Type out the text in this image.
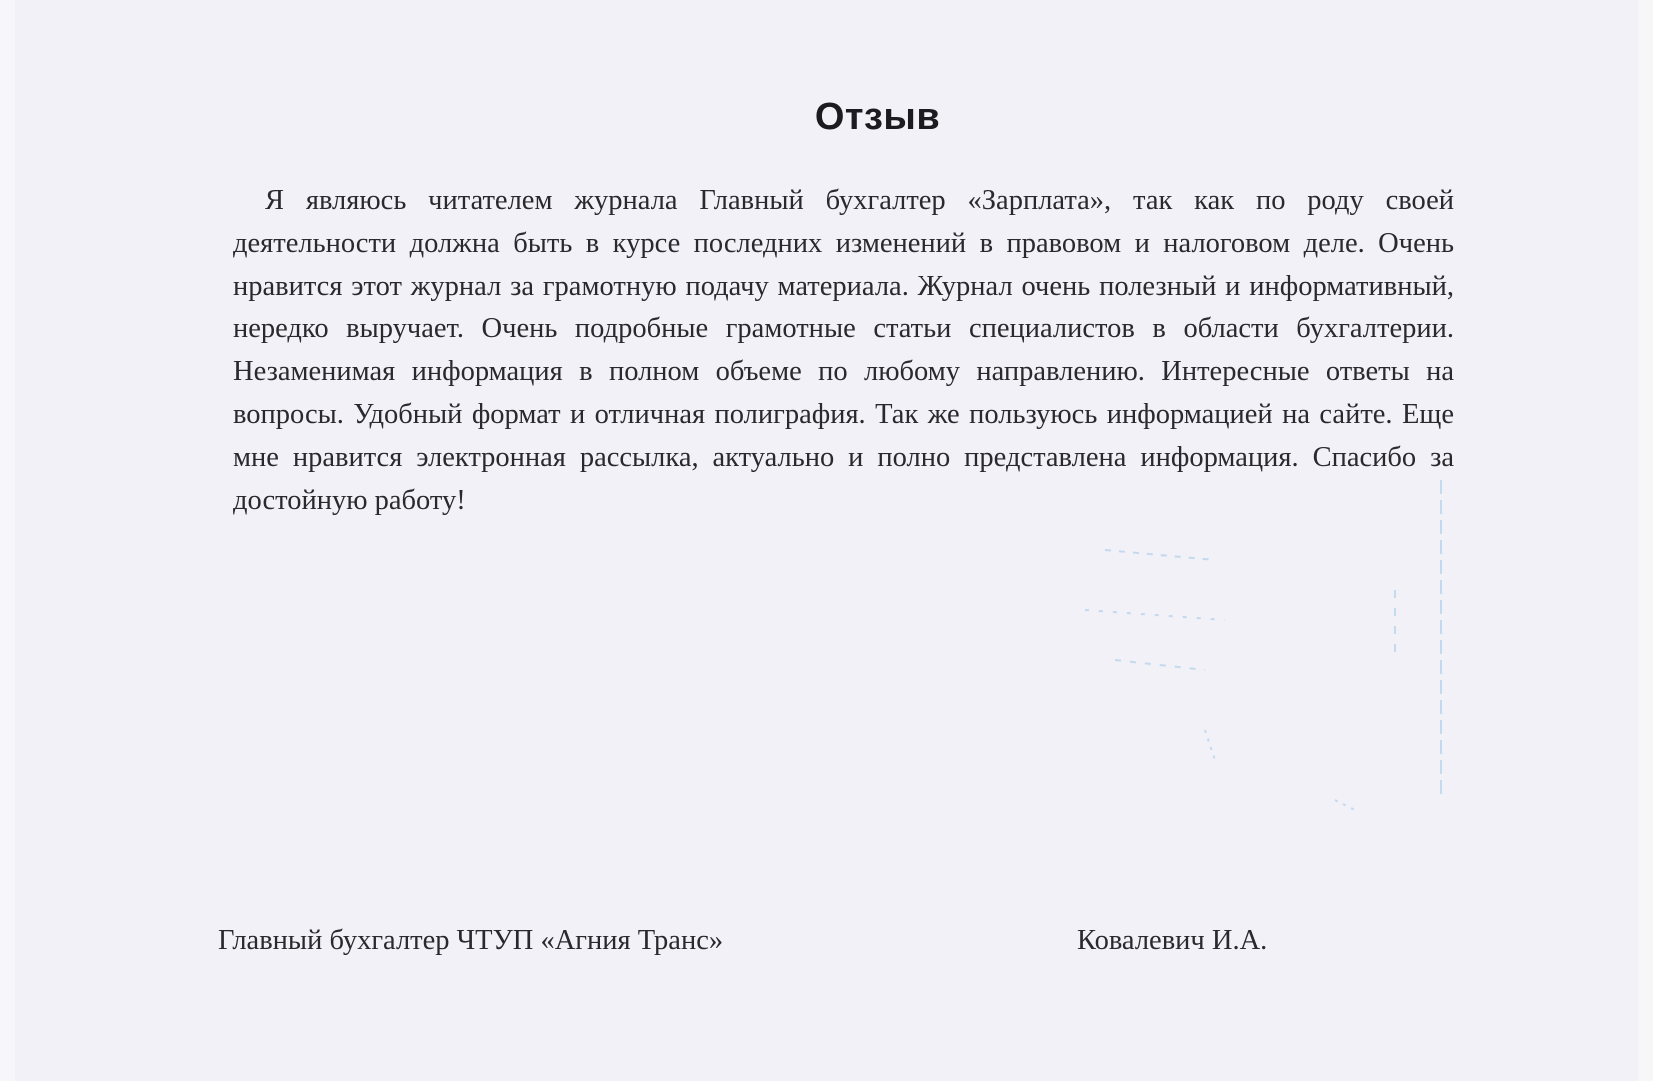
Отзыв

Я являюсь читателем журнала Главный бухгалтер «Зарплата», так как по роду своей деятельности должна быть в курсе последних изменений в правовом и налоговом деле. Очень нравится этот журнал за грамотную подачу материала. Журнал очень полезный и информативный, нередко выручает. Очень подробные грамотные статьи специалистов в области бухгалтерии. Незаменимая информация в полном объеме по любому направлению. Интересные ответы на вопросы. Удобный формат и отличная полиграфия. Так же пользуюсь информацией на сайте. Еще мне нравится электронная рассылка, актуально и полно представлена информация. Спасибо за достойную работу!

Главный бухгалтер ЧТУП «Агния Транс»	Ковалевич И.А.
